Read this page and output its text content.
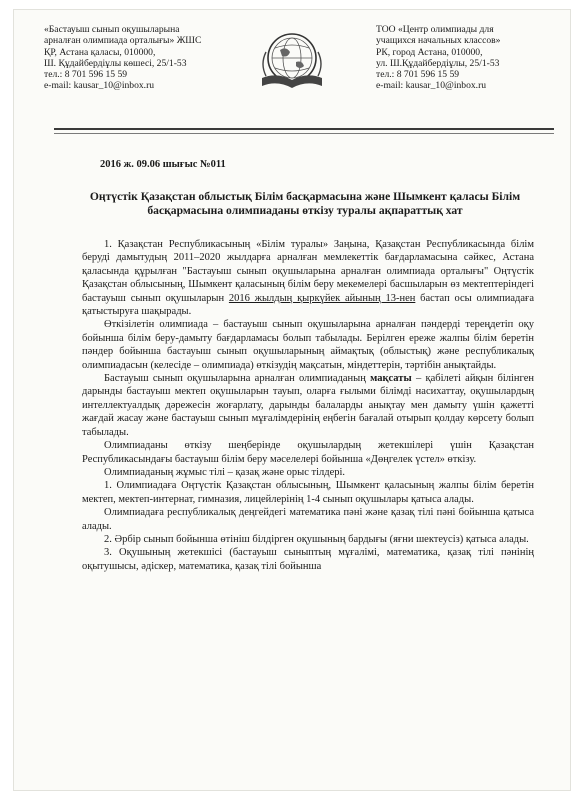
«Бастауыш сынып оқушыларына
арналған олимпиада орталығы» ЖШС
ҚР, Астана қаласы, 010000,
Ш. Құдайбердіұлы көшесі, 25/1-53
тел.: 8 701 596 15 59
e-mail: kausar_10@inbox.ru
ТОО «Центр олимпиады для
учащихся начальных классов»
РК, город Астана, 010000,
ул. Ш.Құдайбердіұлы, 25/1-53
тел.: 8 701 596 15 59
e-mail: kausar_10@inbox.ru
2016 ж. 09.06 шығыс №011
Оңтүстік Қазақстан облыстық Білім басқармасына және Шымкент қаласы Білім басқармасына олимпиаданы өткізу туралы ақпараттық хат

1. Қазақстан Республикасының «Білім туралы» Заңына, Қазақстан Республикасында білім беруді дамытудың 2011–2020 жылдарға арналған мемлекеттік бағдарламасына сәйкес, Астана қаласында құрылған "Бастауыш сынып оқушыларына арналған олимпиада орталығы" Оңтүстік Қазақстан облысының, Шымкент қаласының білім беру мекемелері басшыларын өз мектептеріндегі бастауыш сынып оқушыларын 2016 жылдың қыркүйек айының 13-нен бастап осы олимпиадаға қатыстыруға шақырады.

Өткізілетін олимпиада – бастауыш сынып оқушыларына арналған пәндерді тереңдетіп оқу бойынша білім беру-дамыту бағдарламасы болып табылады. Берілген ереже жалпы білім беретін пәндер бойынша бастауыш сынып оқушыларының аймақтық (облыстық) және республикалық олимпиадасын (келесіде – олимпиада) өткізудің мақсатын, міндеттерін, тәртібін анықтайды.

Бастауыш сынып оқушыларына арналған олимпиаданың мақсаты – қабілеті айқын білінген дарынды бастауыш мектеп оқушыларын тауып, оларға ғылыми білімді насихаттау, оқушылардың интеллектуалдық дәрежесін жоғарлату, дарынды балаларды анықтау мен дамыту үшін қажетті жағдай жасау және бастауыш сынып мұғалімдерінің еңбегін бағалай отырып қолдау көрсету болып табылады.

Олимпиаданы өткізу шеңберінде оқушылардың жетекшілері үшін Қазақстан Республикасындағы бастауыш білім беру мәселелері бойынша «Дөңгелек үстел» өткізу.

Олимпиаданың жұмыс тілі – қазақ және орыс тілдері.

1. Олимпиадаға Оңтүстік Қазақстан облысының, Шымкент қаласының жалпы білім беретін мектеп, мектеп-интернат, гимназия, лицейлерінің 1-4 сынып оқушылары қатыса алады.

Олимпиадаға республикалық деңгейдегі математика пәні және қазақ тілі пәні бойынша қатыса алады.

2. Әрбір сынып бойынша өтініш білдірген оқушының бардығы (яғни шектеусіз) қатыса алады.

3. Оқушының жетекшісі (бастауыш сыныптың мұғалімі, математика, қазақ тілі пәнінің оқытушысы, әдіскер, математика, қазақ тілі бойынша
